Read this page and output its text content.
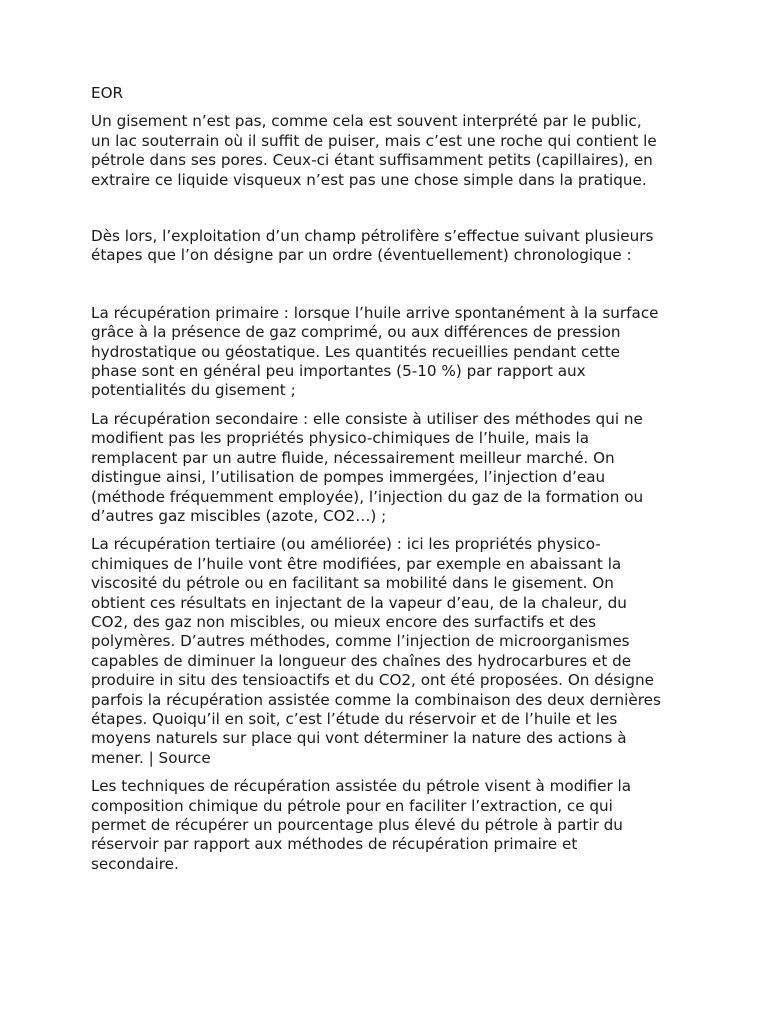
EOR

Un gisement n’est pas, comme cela est souvent interprété par le public,
un lac souterrain où il suffit de puiser, mais c’est une roche qui contient le
pétrole dans ses pores. Ceux-ci étant suffisamment petits (capillaires), en
extraire ce liquide visqueux n’est pas une chose simple dans la pratique.

Dès lors, l’exploitation d’un champ pétrolifère s’effectue suivant plusieurs
étapes que l’on désigne par un ordre (éventuellement) chronologique :

La récupération primaire : lorsque l’huile arrive spontanément à la surface
grâce à la présence de gaz comprimé, ou aux différences de pression
hydrostatique ou géostatique. Les quantités recueillies pendant cette
phase sont en général peu importantes (5-10 %) par rapport aux
potentialités du gisement ;

La récupération secondaire : elle consiste à utiliser des méthodes qui ne
modifient pas les propriétés physico-chimiques de l’huile, mais la
remplacent par un autre fluide, nécessairement meilleur marché. On
distingue ainsi, l’utilisation de pompes immergées, l’injection d’eau
(méthode fréquemment employée), l’injection du gaz de la formation ou
d’autres gaz miscibles (azote, CO2…) ;

La récupération tertiaire (ou améliorée) : ici les propriétés physico-
chimiques de l’huile vont être modifiées, par exemple en abaissant la
viscosité du pétrole ou en facilitant sa mobilité dans le gisement. On
obtient ces résultats en injectant de la vapeur d’eau, de la chaleur, du
CO2, des gaz non miscibles, ou mieux encore des surfactifs et des
polymères. D’autres méthodes, comme l’injection de microorganismes
capables de diminuer la longueur des chaînes des hydrocarbures et de
produire in situ des tensioactifs et du CO2, ont été proposées. On désigne
parfois la récupération assistée comme la combinaison des deux dernières
étapes. Quoiqu’il en soit, c’est l’étude du réservoir et de l’huile et les
moyens naturels sur place qui vont déterminer la nature des actions à
mener. | Source

Les techniques de récupération assistée du pétrole visent à modifier la
composition chimique du pétrole pour en faciliter l’extraction, ce qui
permet de récupérer un pourcentage plus élevé du pétrole à partir du
réservoir par rapport aux méthodes de récupération primaire et
secondaire.
